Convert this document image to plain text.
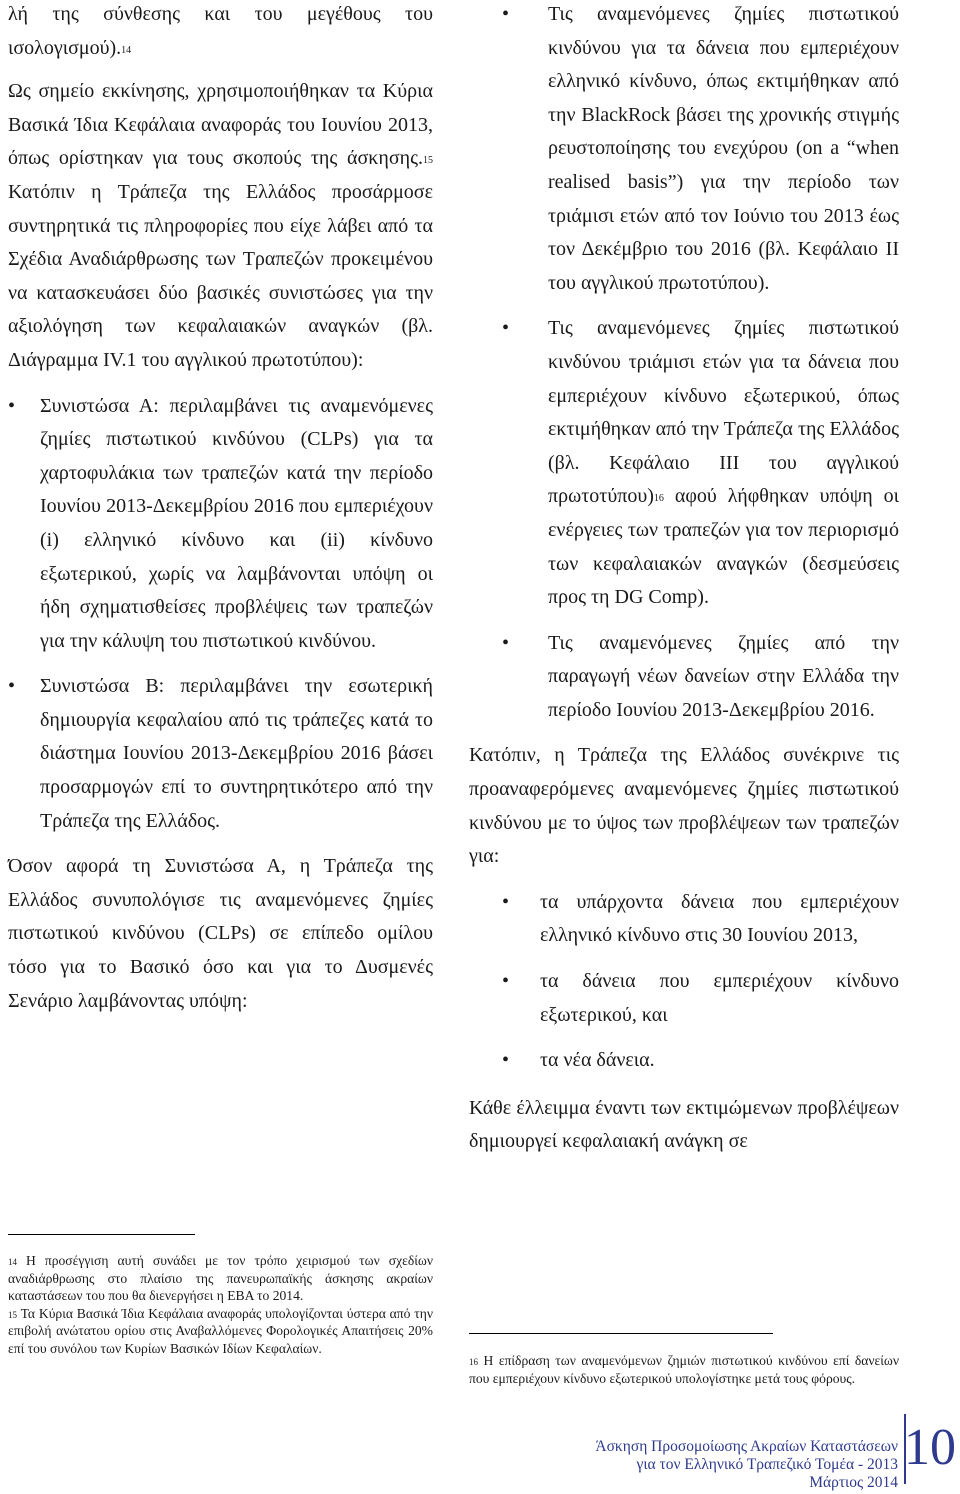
λή της σύνθεσης και του μεγέθους του ισολογισμού).$^{14}$

Ως σημείο εκκίνησης, χρησιμοποιήθηκαν τα Κύρια Βασικά Ίδια Κεφάλαια αναφοράς του Ιουνίου 2013, όπως ορίστηκαν για τους σκοπούς της άσκησης.$^{15}$ Κατόπιν η Τράπεζα της Ελλάδος προσάρμοσε συντηρητικά τις πληροφορίες που είχε λάβει από τα Σχέδια Αναδιάρθρωσης των Τραπεζών προκειμένου να κατασκευάσει δύο βασικές συνιστώσες για την αξιολόγηση των κεφαλαιακών αναγκών (βλ. Διάγραμμα IV.1 του αγγλικού πρωτοτύπου):

• Συνιστώσα Α: περιλαμβάνει τις αναμενόμενες ζημίες πιστωτικού κινδύνου (CLPs) για τα χαρτοφυλάκια των τραπεζών κατά την περίοδο Ιουνίου 2013-Δεκεμβρίου 2016 που εμπεριέχουν (i) ελληνικό κίνδυνο και (ii) κίνδυνο εξωτερικού, χωρίς να λαμβάνονται υπόψη οι ήδη σχηματισθείσες προβλέψεις των τραπεζών για την κάλυψη του πιστωτικού κινδύνου.
• Συνιστώσα Β: περιλαμβάνει την εσωτερική δημιουργία κεφαλαίου από τις τράπεζες κατά το διάστημα Ιουνίου 2013-Δεκεμβρίου 2016 βάσει προσαρμογών επί το συντηρητικότερο από την Τράπεζα της Ελλάδος.

Όσον αφορά τη Συνιστώσα Α, η Τράπεζα της Ελλάδος συνυπολόγισε τις αναμενόμενες ζημίες πιστωτικού κινδύνου (CLPs) σε επίπεδο ομίλου τόσο για το Βασικό όσο και για το Δυσμενές Σενάριο λαμβάνοντας υπόψη:

$^{14}$ Η προσέγγιση αυτή συνάδει με τον τρόπο χειρισμού των σχεδίων αναδιάρθρωσης στο πλαίσιο της πανευρωπαϊκής άσκησης ακραίων καταστάσεων του που θα διενεργήσει η EBA το 2014.

$^{15}$ Τα Κύρια Βασικά Ίδια Κεφάλαια αναφοράς υπολογίζονται ύστερα από την επιβολή ανώτατου ορίου στις Αναβαλλόμενες Φορολογικές Απαιτήσεις 20% επί του συνόλου των Κυρίων Βασικών Ιδίων Κεφαλαίων.

• Τις αναμενόμενες ζημίες πιστωτικού κινδύνου για τα δάνεια που εμπεριέχουν ελληνικό κίνδυνο, όπως εκτιμήθηκαν από την BlackRock βάσει της χρονικής στιγμής ρευστοποίησης του ενεχύρου (on a “when realised basis”) για την περίοδο των τριάμισι ετών από τον Ιούνιο του 2013 έως τον Δεκέμβριο του 2016 (βλ. Κεφάλαιο ΙΙ του αγγλικού πρωτοτύπου).
• Τις αναμενόμενες ζημίες πιστωτικού κινδύνου τριάμισι ετών για τα δάνεια που εμπεριέχουν κίνδυνο εξωτερικού, όπως εκτιμήθηκαν από την Τράπεζα της Ελλάδος (βλ. Κεφάλαιο ΙΙΙ του αγγλικού πρωτοτύπου)$^{16}$ αφού λήφθηκαν υπόψη οι ενέργειες των τραπεζών για τον περιορισμό των κεφαλαιακών αναγκών (δεσμεύσεις προς τη DG Comp).
• Τις αναμενόμενες ζημίες από την παραγωγή νέων δανείων στην Ελλάδα την περίοδο Ιουνίου 2013-Δεκεμβρίου 2016.

Κατόπιν, η Τράπεζα της Ελλάδος συνέκρινε τις προαναφερόμενες αναμενόμενες ζημίες πιστωτικού κινδύνου με το ύψος των προβλέψεων των τραπεζών για:

• τα υπάρχοντα δάνεια που εμπεριέχουν ελληνικό κίνδυνο στις 30 Ιουνίου 2013,
• τα δάνεια που εμπεριέχουν κίνδυνο εξωτερικού, και
• τα νέα δάνεια.

Κάθε έλλειμμα έναντι των εκτιμώμενων προβλέψεων δημιουργεί κεφαλαιακή ανάγκη σε

$^{16}$ Η επίδραση των αναμενόμενων ζημιών πιστωτικού κινδύνου επί δανείων που εμπεριέχουν κίνδυνο εξωτερικού υπολογίστηκε μετά τους φόρους.

Άσκηση Προσομοίωσης Ακραίων Καταστάσεων
για τον Ελληνικό Τραπεζικό Τομέα - 2013
Μάρτιος 2014
10
